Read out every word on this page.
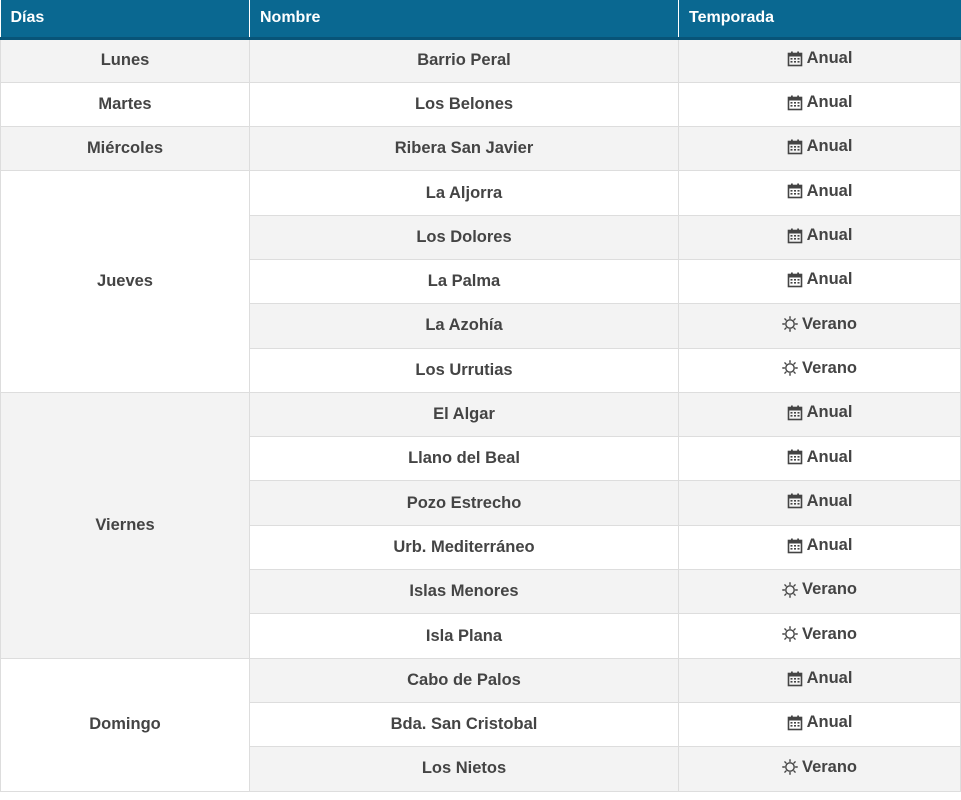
Días	Nombre	Temporada
Lunes	Barrio Peral	Anual

Martes	Los Belones	Anual

Miércoles	Ribera San Javier	Anual

Jueves	La Aljorra	Anual

	Los Dolores	Anual

	La Palma	Anual

	La Azohía	Verano

	Los Urrutias	Verano

Viernes	El Algar	Anual

	Llano del Beal	Anual

	Pozo Estrecho	Anual

	Urb. Mediterráneo	Anual

	Islas Menores	Verano

	Isla Plana	Verano

Domingo	Cabo de Palos	Anual

	Bda. San Cristobal	Anual

	Los Nietos	Verano
